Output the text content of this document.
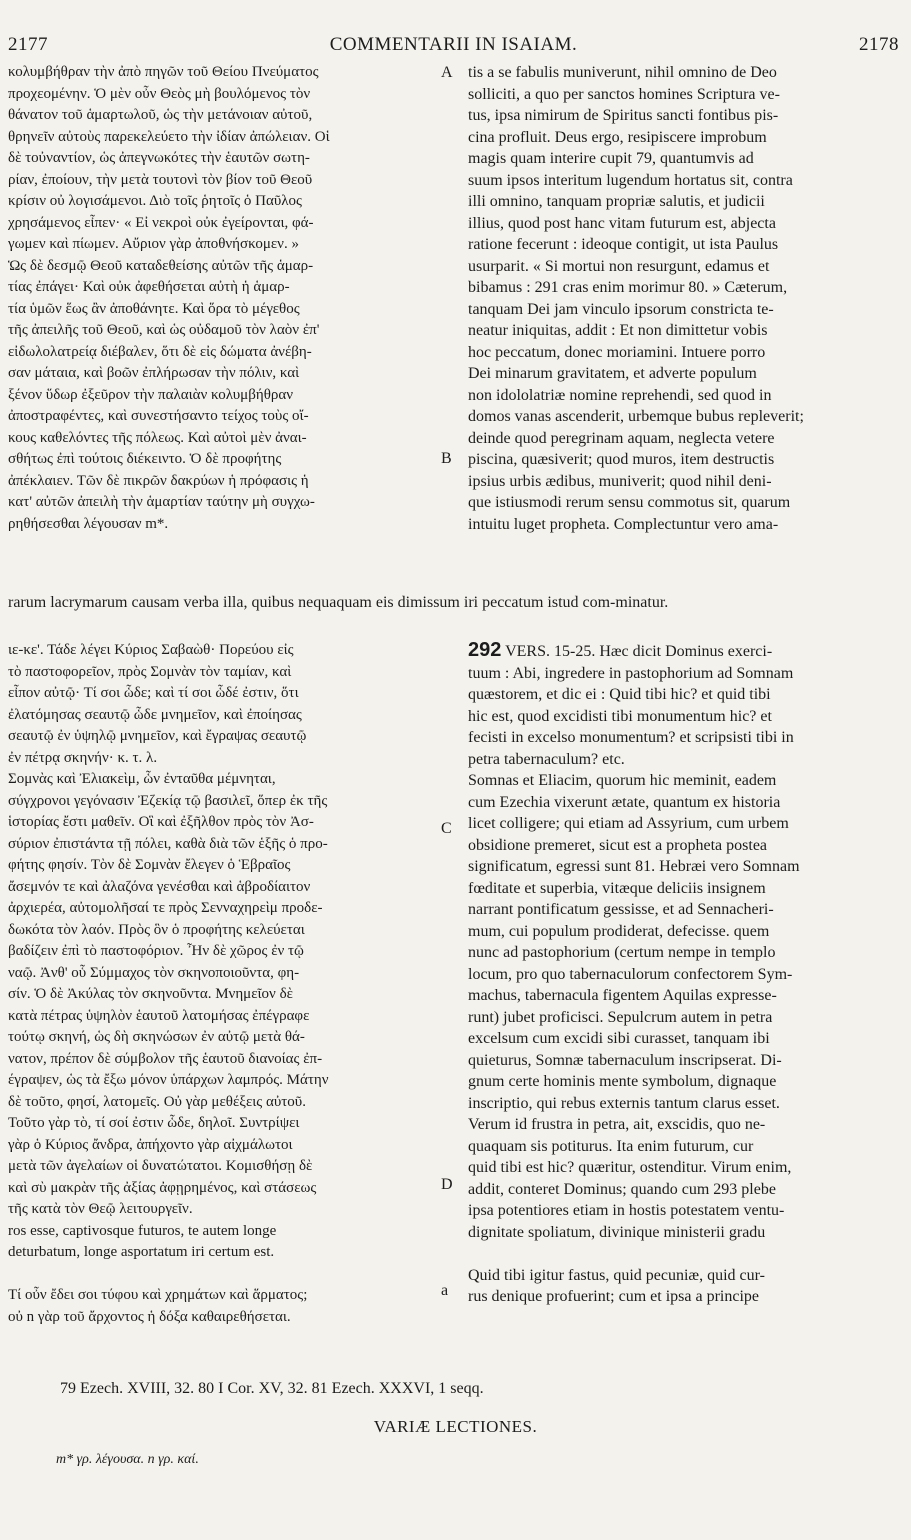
2177	COMMENTARII IN ISAIAM.	2178
κολυμβήθραν τὴν ἀπὸ πηγῶν τοῦ Θείου Πνεύματος
προχεομένην. Ὁ μὲν οὖν Θεὸς μὴ βουλόμενος τὸν
θάνατον τοῦ ἁμαρτωλοῦ, ὡς τὴν μετάνοιαν αὐτοῦ,
θρηνεῖν αὐτοὺς παρεκελεύετο τὴν ἰδίαν ἀπώλειαν. Οἱ
δὲ τοὐναντίον, ὡς ἀπεγνωκότες τὴν ἑαυτῶν σωτη-
ρίαν, ἐποίουν, τὴν μετὰ τουτονὶ τὸν βίον τοῦ Θεοῦ
κρίσιν οὐ λογισάμενοι. Διὸ τοῖς ῥητοῖς ὁ Παῦλος
χρησάμενος εἶπεν· « Εἰ νεκροὶ οὐκ ἐγείρονται, φά-
γωμεν καὶ πίωμεν. Αὔριον γὰρ ἀποθνήσκομεν. »
Ὡς δὲ δεσμῷ Θεοῦ καταδεθείσης αὐτῶν τῆς ἁμαρ-
τίας ἐπάγει· Καὶ οὐκ ἀφεθήσεται αὐτὴ ἡ ἁμαρ-
τία ὑμῶν ἕως ἂν ἀποθάνητε. Καὶ ὅρα τὸ μέγεθος
τῆς ἀπειλῆς τοῦ Θεοῦ, καὶ ὡς οὐδαμοῦ τὸν λαὸν ἐπ'
εἰδωλολατρείᾳ διέβαλεν, ὅτι δὲ εἰς δώματα ἀνέβη-
σαν μάταια, καὶ βοῶν ἐπλήρωσαν τὴν πόλιν, καὶ
ξένον ὕδωρ ἐξεῦρον τὴν παλαιὰν κολυμβήθραν
ἀποστραφέντες, καὶ συνεστήσαντο τείχος τοὺς οἴ-
κους καθελόντες τῆς πόλεως. Καὶ αὐτοὶ μὲν ἀναι-
σθήτως ἐπὶ τούτοις διέκειντο. Ὁ δὲ προφήτης
ἀπέκλαιεν. Τῶν δὲ πικρῶν δακρύων ἡ πρόφασις ἡ
κατ' αὐτῶν ἀπειλὴ τὴν ἁμαρτίαν ταύτην μὴ συγχω-
ρηθήσεσθαι λέγουσαν m*.
tis a se fabulis muniverunt, nihil omnino de Deo
solliciti, a quo per sanctos homines Scriptura ve-
tus, ipsa nimirum de Spiritus sancti fontibus pis-
cina profluit. Deus ergo, resipiscere improbum
magis quam interire cupit 79, quantumvis ad
suum ipsos interitum lugendum hortatus sit, contra
illi omnino, tanquam propriæ salutis, et judicii
illius, quod post hanc vitam futurum est, abjecta
ratione fecerunt : ideoque contigit, ut ista Paulus
usurparit. « Si mortui non resurgunt, edamus et
bibamus : 291 cras enim morimur 80. » Cæterum,
tanquam Dei jam vinculo ipsorum constricta te-
neatur iniquitas, addit : Et non dimittetur vobis
hoc peccatum, donec moriamini. Intuere porro
Dei minarum gravitatem, et adverte populum
non idololatriæ nomine reprehendi, sed quod in
domos vanas ascenderit, urbemque bubus repleverit;
deinde quod peregrinam aquam, neglecta vetere
piscina, quæsiverit; quod muros, item destructis
ipsius urbis ædibus, muniverit; quod nihil deni-
que istiusmodi rerum sensu commotus sit, quarum
intuitu luget propheta. Complectuntur vero ama-
A
B
rarum lacrymarum causam verba illa, quibus nequaquam eis dimissum iri peccatum istud com-minatur.
ιε-κε'. Τάδε λέγει Κύριος Σαβαὼθ· Πορεύου εἰς
τὸ παστοφορεῖον, πρὸς Σομνὰν τὸν ταμίαν, καὶ
εἶπον αὐτῷ· Τί σοι ὧδε; καὶ τί σοι ὧδέ ἐστιν, ὅτι
ἐλατόμησας σεαυτῷ ὧδε μνημεῖον, καὶ ἐποίησας
σεαυτῷ ἐν ὑψηλῷ μνημεῖον, καὶ ἔγραψας σεαυτῷ
ἐν πέτρᾳ σκηνήν· κ. τ. λ.
Σομνὰς καὶ Ἐλιακεὶμ, ὧν ἐνταῦθα μέμνηται,
σύγχρονοι γεγόνασιν Ἐζεκίᾳ τῷ βασιλεῖ, ὅπερ ἐκ τῆς
ἱστορίας ἔστι μαθεῖν. Οἳ καὶ ἐξῆλθον πρὸς τὸν Ἀσ-
σύριον ἐπιστάντα τῇ πόλει, καθὰ διὰ τῶν ἑξῆς ὁ προ-
φήτης φησίν. Τὸν δὲ Σομνὰν ἔλεγεν ὁ Ἑβραῖος
ἄσεμνόν τε καὶ ἀλαζόνα γενέσθαι καὶ ἁβροδίαιτον
ἀρχιερέα, αὐτομολῆσαί τε πρὸς Σενναχηρεὶμ προδε-
δωκότα τὸν λαόν. Πρὸς ὃν ὁ προφήτης κελεύεται
βαδίζειν ἐπὶ τὸ παστοφόριον. Ἦν δὲ χῶρος ἐν τῷ
ναῷ. Ἀνθ' οὗ Σύμμαχος τὸν σκηνοποιοῦντα, φη-
σίν. Ὁ δὲ Ἀκύλας τὸν σκηνοῦντα. Μνημεῖον δὲ
κατὰ πέτρας ὑψηλὸν ἑαυτοῦ λατομήσας ἐπέγραφε
τούτῳ σκηνή, ὡς δὴ σκηνώσων ἐν αὐτῷ μετὰ θά-
νατον, πρέπον δὲ σύμβολον τῆς ἑαυτοῦ διανοίας ἐπ-
έγραψεν, ὡς τὰ ἔξω μόνον ὑπάρχων λαμπρός. Μάτην
δὲ τοῦτο, φησί, λατομεῖς. Οὐ γὰρ μεθέξεις αὐτοῦ.
Τοῦτο γὰρ τὸ, τί σοί ἐστιν ὧδε, δηλοῖ. Συντρίψει
γὰρ ὁ Κύριος ἄνδρα, ἀπήχοντο γὰρ αἰχμάλωτοι
μετὰ τῶν ἀγελαίων οἱ δυνατώτατοι. Κομισθήσῃ δὲ
καὶ σὺ μακρὰν τῆς ἀξίας ἀφῃρημένος, καὶ στάσεως
τῆς κατὰ τὸν Θεῷ λειτουργεῖν.
ros esse, captivosque futuros, te autem longe
deturbatum, longe asportatum iri certum est.

Τί οὖν ἔδει σοι τύφου καὶ χρημάτων καὶ ἅρματος;
οὐ n γὰρ τοῦ ἄρχοντος ἡ δόξα καθαιρεθήσεται.
292 VERS. 15-25. Hæc dicit Dominus exerci-
tuum : Abi, ingredere in pastophorium ad Somnam
quæstorem, et dic ei : Quid tibi hic? et quid tibi
hic est, quod excidisti tibi monumentum hic? et
fecisti in excelso monumentum? et scripsisti tibi in
petra tabernaculum? etc.
Somnas et Eliacim, quorum hic meminit, eadem
cum Ezechia vixerunt ætate, quantum ex historia
licet colligere; qui etiam ad Assyrium, cum urbem
obsidione premeret, sicut est a propheta postea
significatum, egressi sunt 81. Hebræi vero Somnam
fœditate et superbia, vitæque deliciis insignem
narrant pontificatum gessisse, et ad Sennacheri-
mum, cui populum prodiderat, defecisse. quem
nunc ad pastophorium (certum nempe in templo
locum, pro quo tabernaculorum confectorem Sym-
machus, tabernacula figentem Aquilas expresse-
runt) jubet proficisci. Sepulcrum autem in petra
excelsum cum excidi sibi curasset, tanquam ibi
quieturus, Somnæ tabernaculum inscripserat. Di-
gnum certe hominis mente symbolum, dignaque
inscriptio, qui rebus externis tantum clarus esset.
Verum id frustra in petra, ait, exscidis, quo ne-
quaquam sis potiturus. Ita enim futurum, cur
quid tibi est hic? quæritur, ostenditur. Virum enim,
addit, conteret Dominus; quando cum 293 plebe
ipsa potentiores etiam in hostis potestatem ventu-
dignitate spoliatum, divinique ministerii gradu

Quid tibi igitur fastus, quid pecuniæ, quid cur-
rus denique profuerint; cum et ipsa a principe
C
D
a
79 Ezech. XVIII, 32. 80 I Cor. XV, 32. 81 Ezech. XXXVI, 1 seqq.
VARIÆ LECTIONES.
m* γρ. λέγουσα. n γρ. καί.
